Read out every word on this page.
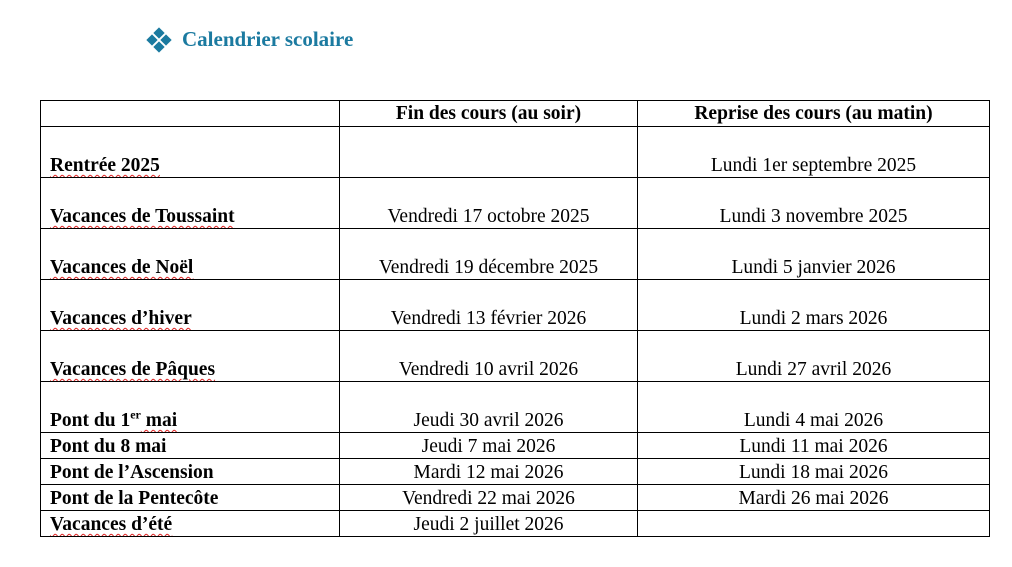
Calendrier scolaire
	Fin des cours (au soir)	Reprise des cours (au matin)
Rentrée 2025		Lundi 1er septembre 2025
Vacances de Toussaint	Vendredi 17 octobre 2025	Lundi 3 novembre 2025
Vacances de Noël	Vendredi 19 décembre 2025	Lundi 5 janvier 2026
Vacances d’hiver	Vendredi 13 février 2026	Lundi 2 mars 2026
Vacances de Pâques	Vendredi 10 avril 2026	Lundi 27 avril 2026
Pont du 1er mai	Jeudi 30 avril 2026	Lundi 4 mai 2026
Pont du 8 mai	Jeudi 7 mai 2026	Lundi 11 mai 2026
Pont de l’Ascension	Mardi 12 mai 2026	Lundi 18 mai 2026
Pont de la Pentecôte	Vendredi 22 mai 2026	Mardi 26 mai 2026
Vacances d’été	Jeudi 2 juillet 2026	
